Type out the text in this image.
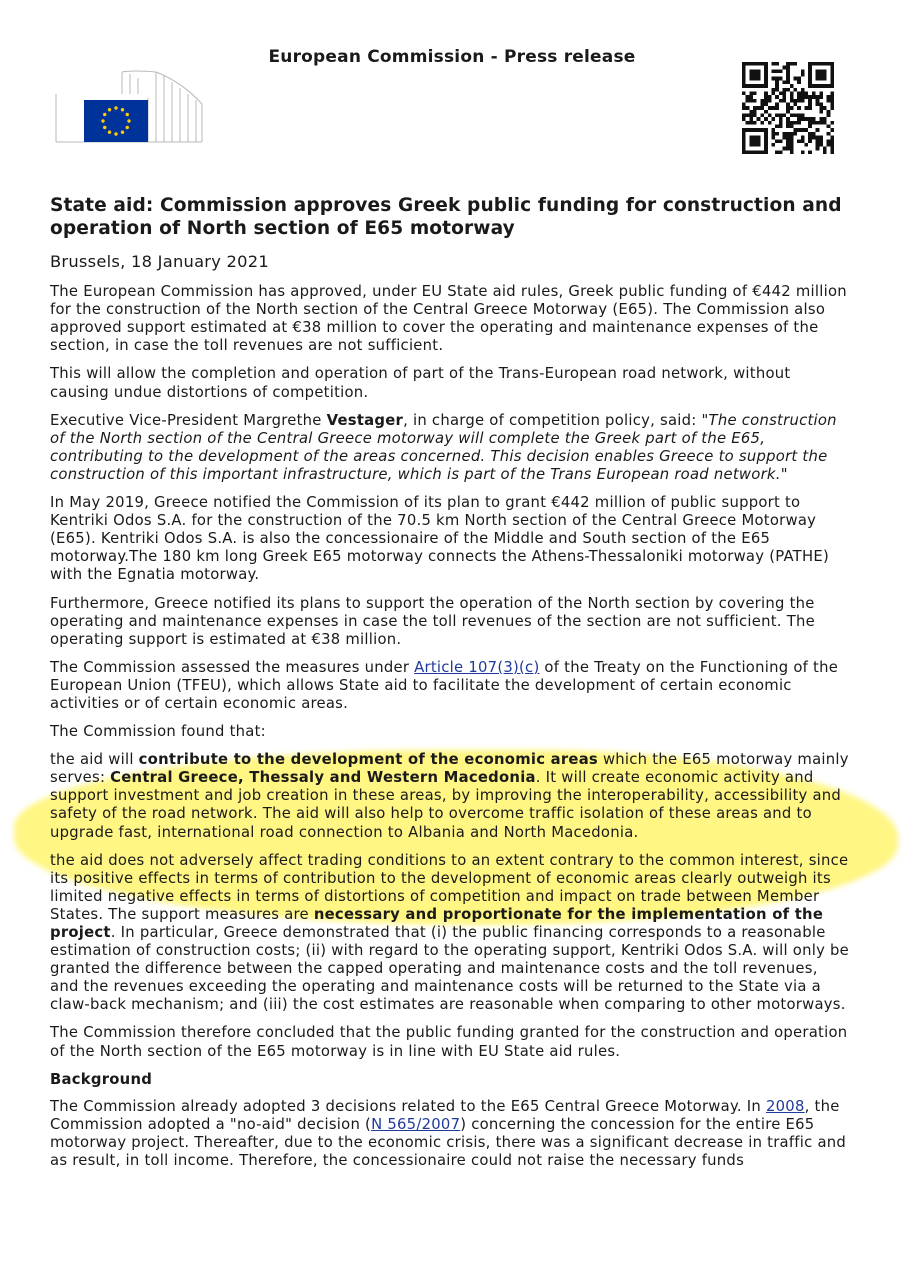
European Commission - Press release
State aid: Commission approves Greek public funding for construction and operation of North section of E65 motorway
Brussels, 18 January 2021

The European Commission has approved, under EU State aid rules, Greek public funding of €442 million for the construction of the North section of the Central Greece Motorway (E65). The Commission also approved support estimated at €38 million to cover the operating and maintenance expenses of the section, in case the toll revenues are not sufficient.

This will allow the completion and operation of part of the Trans-European road network, without causing undue distortions of competition.

Executive Vice-President Margrethe Vestager, in charge of competition policy, said: "The construction of the North section of the Central Greece motorway will complete the Greek part of the E65, contributing to the development of the areas concerned. This decision enables Greece to support the construction of this important infrastructure, which is part of the Trans European road network."

In May 2019, Greece notified the Commission of its plan to grant €442 million of public support to Kentriki Odos S.A. for the construction of the 70.5 km North section of the Central Greece Motorway (E65). Kentriki Odos S.A. is also the concessionaire of the Middle and South section of the E65 motorway.The 180 km long Greek E65 motorway connects the Athens-Thessaloniki motorway (PATHE) with the Egnatia motorway.

Furthermore, Greece notified its plans to support the operation of the North section by covering the operating and maintenance expenses in case the toll revenues of the section are not sufficient. The operating support is estimated at €38 million.

The Commission assessed the measures under Article 107(3)(c) of the Treaty on the Functioning of the European Union (TFEU), which allows State aid to facilitate the development of certain economic activities or of certain economic areas.

The Commission found that:

the aid will contribute to the development of the economic areas which the E65 motorway mainly serves: Central Greece, Thessaly and Western Macedonia. It will create economic activity and support investment and job creation in these areas, by improving the interoperability, accessibility and safety of the road network. The aid will also help to overcome traffic isolation of these areas and to upgrade fast, international road connection to Albania and North Macedonia.

the aid does not adversely affect trading conditions to an extent contrary to the common interest, since its positive effects in terms of contribution to the development of economic areas clearly outweigh its limited negative effects in terms of distortions of competition and impact on trade between Member States. The support measures are necessary and proportionate for the implementation of the project. In particular, Greece demonstrated that (i) the public financing corresponds to a reasonable estimation of construction costs; (ii) with regard to the operating support, Kentriki Odos S.A. will only be granted the difference between the capped operating and maintenance costs and the toll revenues, and the revenues exceeding the operating and maintenance costs will be returned to the State via a claw-back mechanism; and (iii) the cost estimates are reasonable when comparing to other motorways.

The Commission therefore concluded that the public funding granted for the construction and operation of the North section of the E65 motorway is in line with EU State aid rules.

Background

The Commission already adopted 3 decisions related to the E65 Central Greece Motorway. In 2008, the Commission adopted a "no-aid" decision (N 565/2007) concerning the concession for the entire E65 motorway project. Thereafter, due to the economic crisis, there was a significant decrease in traffic and as result, in toll income. Therefore, the concessionaire could not raise the necessary funds
